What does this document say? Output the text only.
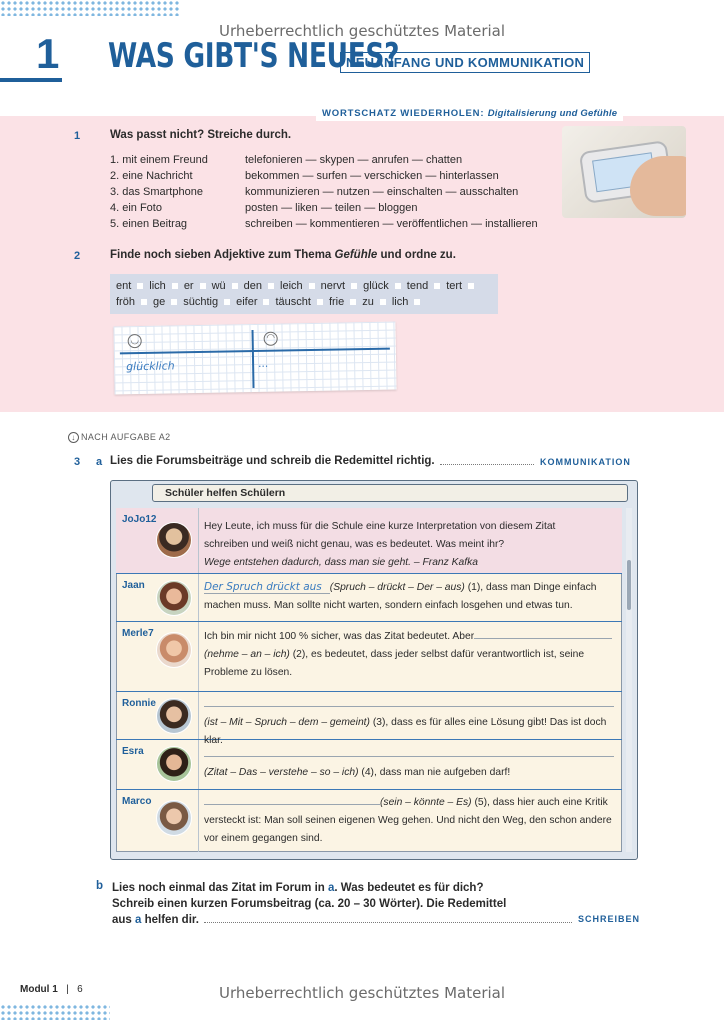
Urheberrechtlich geschütztes Material
1 WAS GIBT'S NEUES?
NEUANFANG UND KOMMUNIKATION
WORTSCHATZ WIEDERHOLEN: Digitalisierung und Gefühle
1	Was passt nicht? Streiche durch.
1. mit einem Freund	telefonieren — skypen — anrufen — chatten
2. eine Nachricht	bekommen — surfen — verschicken — hinterlassen
3. das Smartphone	kommunizieren — nutzen — einschalten — ausschalten
4. ein Foto	posten — liken — teilen — bloggen
5. einen Beitrag	schreiben — kommentieren — veröffentlichen — installieren
2	Finde noch sieben Adjektive zum Thema Gefühle und ordne zu.
ent lich er wü den leich nervt glück tend tert
fröh ge süchtig eifer täuscht frie zu lich
◡	◠
glücklich	...
↓ NACH AUFGABE A2
3 a Lies die Forumsbeiträge und schreib die Redemittel richtig.	KOMMUNIKATION
Schüler helfen Schülern
JoJo12
Hey Leute, ich muss für die Schule eine kurze Interpretation von diesem Zitat
schreiben und weiß nicht genau, was es bedeutet. Was meint ihr?
Wege entstehen dadurch, dass man sie geht. – Franz Kafka
Jaan	Der Spruch drückt aus (Spruch – drückt – Der – aus) (1), dass man Dinge einfach
machen muss. Man sollte nicht warten, sondern einfach losgehen und etwas tun.
Merle7	Ich bin mir nicht 100 % sicher, was das Zitat bedeutet. Aber
(nehme – an – ich) (2), es bedeutet, dass jeder selbst dafür verantwortlich ist, seine
Probleme zu lösen.
Ronnie
(ist – Mit – Spruch – dem – gemeint) (3), dass es für alles eine Lösung gibt! Das ist doch klar.
Esra
(Zitat – Das – verstehe – so – ich) (4), dass man nie aufgeben darf!
Marco	(sein – könnte – Es) (5), dass hier auch eine Kritik
versteckt ist: Man soll seinen eigenen Weg gehen. Und nicht den Weg, den schon andere
vor einem gegangen sind.
b Lies noch einmal das Zitat im Forum in a. Was bedeutet es für dich?
Schreib einen kurzen Forumsbeitrag (ca. 20 – 30 Wörter). Die Redemittel
aus a helfen dir.	SCHREIBEN
Modul 1 | 6	Urheberrechtlich geschütztes Material
